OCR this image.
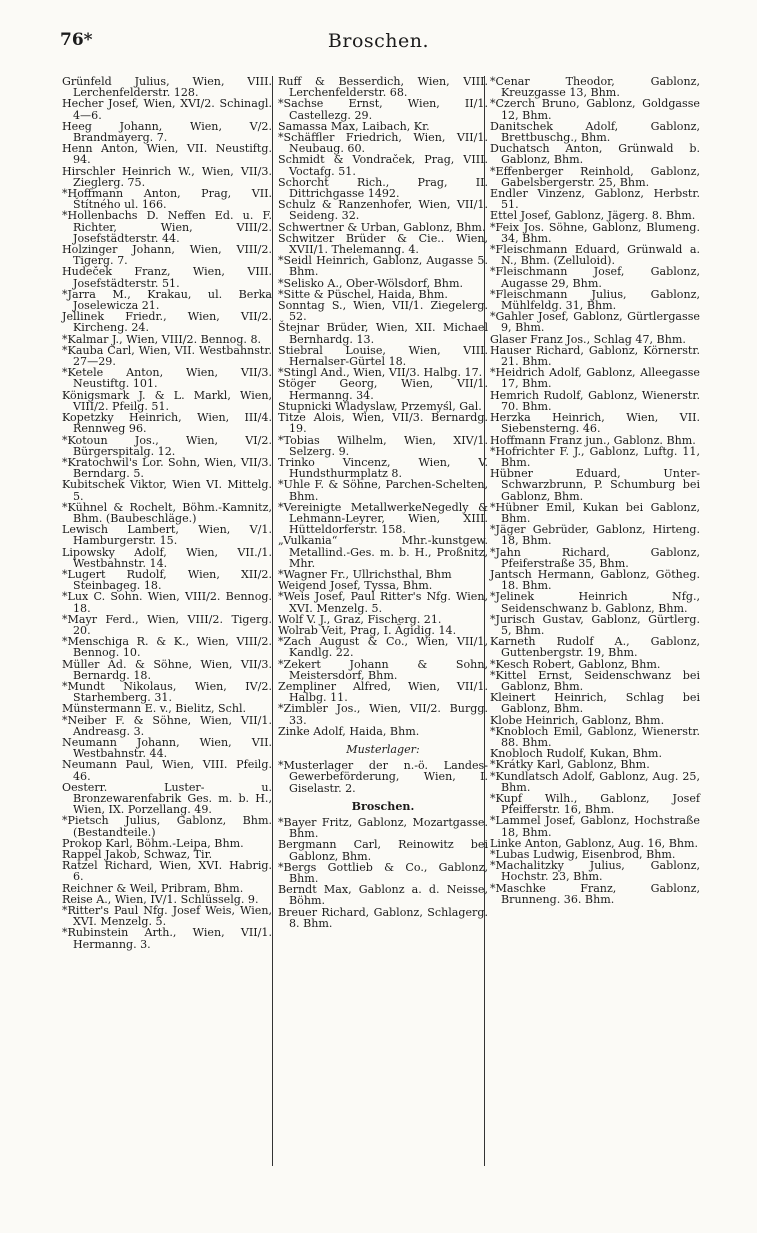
76*	Broschen.
Grünfeld Julius, Wien, VIII. Lerchenfelderstr. 128.
Hecher Josef, Wien, XVI/2. Schinagl. 4—6.
Heeg Johann, Wien, V/2. Brandmayerg. 7.
Henn Anton, Wien, VII. Neustiftg. 94.
Hirschler Heinrich W., Wien, VII/3. Zieglerg. 75.
*Hoffmann Anton, Prag, VII. Štítného ul. 166.
*Hollenbachs D. Neffen Ed. u. F. Richter, Wien, VIII/2. Josefstädterstr. 44.
Holzinger Johann, Wien, VIII/2. Tigerg. 7.
Hudeček Franz, Wien, VIII. Josefstädterstr. 51.
*Jarra M., Krakau, ul. Berka Joselewicza 21.
Jellinek Friedr., Wien, VII/2. Kircheng. 24.
*Kalmar J., Wien, VIII/2. Bennog. 8.
*Kauba Carl, Wien, VII. Westbahnstr. 27—29.
*Ketele Anton, Wien, VII/3. Neustiftg. 101.
Königsmark J. & L. Markl, Wien, VIII/2. Pfeilg. 51.
Kopetzky Heinrich, Wien, III/4. Rennweg 96.
*Kotoun Jos., Wien, VI/2. Bürgerspitalg. 12.
*Kratochwil's Lor. Sohn, Wien, VII/3. Berndarg. 5.
Kubitschek Viktor, Wien VI. Mittelg. 5.
*Kühnel & Rochelt, Böhm.-Kamnitz, Bhm. (Baubeschläge.)
Lewisch Lambert, Wien, V/1. Hamburgerstr. 15.
Lipowsky Adolf, Wien, VII./1. Westbahnstr. 14.
*Lugert Rudolf, Wien, XII/2. Steinbageg. 18.
*Lux C. Sohn. Wien, VIII/2. Bennog. 18.
*Mayr Ferd., Wien, VIII/2. Tigerg. 20.
*Menschiga R. & K., Wien, VIII/2. Bennog. 10.
Müller Ad. & Söhne, Wien, VII/3. Bernardg. 18.
*Mundt Nikolaus, Wien, IV/2. Starhemberg. 31.
Münstermann E. v., Bielitz, Schl.
*Neiber F. & Söhne, Wien, VII/1. Andreasg. 3.
Neumann Johann, Wien, VII. Westbahnstr. 44.
Neumann Paul, Wien, VIII. Pfeilg. 46.
Oesterr. Luster- u. Bronzewarenfabrik Ges. m. b. H., Wien, IX. Porzellang. 49.
*Pietsch Julius, Gablonz, Bhm. (Bestandteile.)
Prokop Karl, Böhm.-Leipa, Bhm.
Rappel Jakob, Schwaz, Tir.
Ratzel Richard, Wien, XVI. Habrig. 6.
Reichner & Weil, Pribram, Bhm.
Reise A., Wien, IV/1. Schlüsselg. 9.
*Ritter's Paul Nfg. Josef Weis, Wien, XVI. Menzelg. 5.
*Rubinstein Arth., Wien, VII/1. Hermanng. 3.
Ruff & Besserdich, Wien, VIII. Lerchenfelderstr. 68.
*Sachse Ernst, Wien, II/1. Castellezg. 29.
Samassa Max, Laibach, Kr.
*Schäffler Friedrich, Wien, VII/1. Neubaug. 60.
Schmidt & Vondraček, Prag, VIII. Voctafg. 51.
Schorcht Rich., Prag, II. Dittrichgasse 1492.
Schulz & Ranzenhofer, Wien, VII/1. Seideng. 32.
Schwertner & Urban, Gablonz, Bhm.
Schwitzer Brüder & Cie.. Wien, XVII/1. Thelemanng. 4.
*Seidl Heinrich, Gablonz, Augasse 5. Bhm.
*Selisko A., Ober-Wölsdorf, Bhm.
*Sitte & Püschel, Haida, Bhm.
Sonntag S., Wien, VII/1. Ziegelerg. 52.
Štejnar Brüder, Wien, XII. Michael Bernhardg. 13.
Stiebral Louise, Wien, VIII. Hernalser-Gürtel 18.
*Stingl And., Wien, VII/3. Halbg. 17.
Stöger Georg, Wien, VII/1. Hermanng. 34.
Stupnicki Wladyslaw, Przemyśl, Gal.
Titze Alois, Wien, VII/3. Bernardg. 19.
*Tobias Wilhelm, Wien, XIV/1. Selzerg. 9.
Trinko Vincenz, Wien, V. Hundsthurmplatz 8.
*Uhle F. & Söhne, Parchen-Schelten, Bhm.
*Vereinigte MetallwerkeNegedly & Lehmann-Leyrer, Wien, XIII. Hütteldorferstr. 158.
„Vulkania“ Mhr.-kunstgew. Metallind.-Ges. m. b. H., Proßnitz, Mhr.
*Wagner Fr., Ullrichsthal, Bhm
Weigend Josef, Tyssa, Bhm.
*Weis Josef, Paul Ritter's Nfg. Wien, XVI. Menzelg. 5.
Wolf V. J., Graz, Fischerg. 21.
Wolrab Veit, Prag, I. Ägidig. 14.
*Zach August & Co., Wien, VII/1, Kandlg. 22.
*Zekert Johann & Sohn, Meistersdorf, Bhm.
Zempliner Alfred, Wien, VII/1. Halbg. 11.
*Zimbler Jos., Wien, VII/2. Burgg. 33.
Zinke Adolf, Haida, Bhm.
Musterlager:
*Musterlager der n.-ö. Landes-Gewerbeförderung, Wien, I. Giselastr. 2.
Broschen.
*Bayer Fritz, Gablonz, Mozartgasse. Bhm.
Bergmann Carl, Reinowitz bei Gablonz, Bhm.
*Bergs Gottlieb & Co., Gablonz, Bhm.
Berndt Max, Gablonz a. d. Neisse, Böhm.
Breuer Richard, Gablonz, Schlagerg. 8. Bhm.
*Cenar Theodor, Gablonz, Kreuzgasse 13, Bhm.
*Czerch Bruno, Gablonz, Goldgasse 12, Bhm.
Danitschek Adolf, Gablonz, Brettbuschg., Bhm.
Duchatsch Anton, Grünwald b. Gablonz, Bhm.
*Effenberger Reinhold, Gablonz, Gabelsbergerstr. 25, Bhm.
Endler Vinzenz, Gablonz, Herbstr. 51.
Ettel Josef, Gablonz, Jägerg. 8. Bhm.
*Feix Jos. Söhne, Gablonz, Blumeng. 34, Bhm.
*Fleischmann Eduard, Grünwald a. N., Bhm. (Zelluloid).
*Fleischmann Josef, Gablonz, Augasse 29, Bhm.
*Fleischmann Julius, Gablonz, Mühlfeldg. 31, Bhm.
*Gahler Josef, Gablonz, Gürtlergasse 9, Bhm.
Glaser Franz Jos., Schlag 47, Bhm.
Hauser Richard, Gablonz, Körnerstr. 21. Bhm.
*Heidrich Adolf, Gablonz, Alleegasse 17, Bhm.
Hemrich Rudolf, Gablonz, Wienerstr. 70. Bhm.
Herzka Heinrich, Wien, VII. Siebensterng. 46.
Hoffmann Franz jun., Gablonz. Bhm.
*Hofrichter F. J., Gablonz, Luftg. 11, Bhm.
Hübner Eduard, Unter-Schwarzbrunn, P. Schumburg bei Gablonz, Bhm.
*Hübner Emil, Kukan bei Gablonz, Bhm.
*Jäger Gebrüder, Gablonz, Hirteng. 18, Bhm.
*Jahn Richard, Gablonz, Pfeiferstraße 35, Bhm.
Jantsch Hermann, Gablonz, Götheg. 18. Bhm.
*Jelinek Heinrich Nfg., Seidenschwanz b. Gablonz, Bhm.
*Jurisch Gustav, Gablonz, Gürtlerg. 5, Bhm.
Karneth Rudolf A., Gablonz, Guttenbergstr. 19, Bhm.
*Kesch Robert, Gablonz, Bhm.
*Kittel Ernst, Seidenschwanz bei Gablonz, Bhm.
Kleinert Heinrich, Schlag bei Gablonz, Bhm.
Klobe Heinrich, Gablonz, Bhm.
*Knobloch Emil, Gablonz, Wienerstr. 88. Bhm.
Knobloch Rudolf, Kukan, Bhm.
*Krátky Karl, Gablonz, Bhm.
*Kundlatsch Adolf, Gablonz, Aug. 25, Bhm.
*Kupf Wilh., Gablonz, Josef Pfeifferstr. 16, Bhm.
*Lammel Josef, Gablonz, Hochstraße 18, Bhm.
Linke Anton, Gablonz, Aug. 16, Bhm.
*Lubas Ludwig, Eisenbrod, Bhm.
*Machalitzky Julius, Gablonz, Hochstr. 23, Bhm.
*Maschke Franz, Gablonz, Brunneng. 36. Bhm.
